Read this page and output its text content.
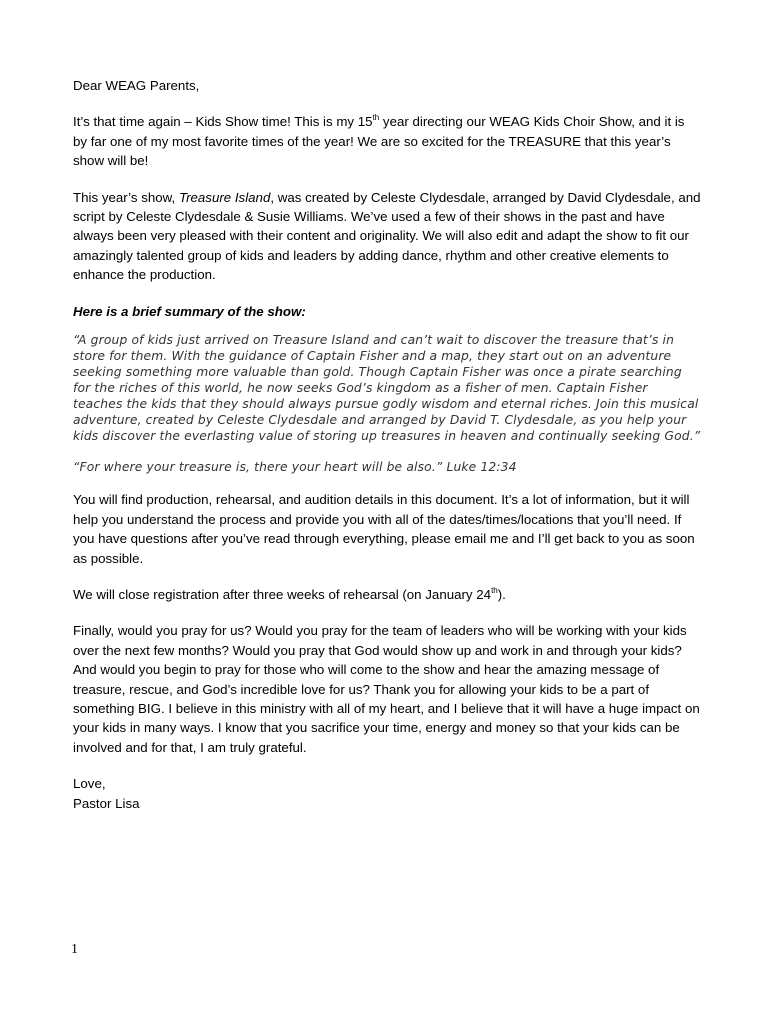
Dear WEAG Parents,

It’s that time again – Kids Show time! This is my 15th year directing our WEAG Kids Choir Show, and it is by far one of my most favorite times of the year! We are so excited for the TREASURE that this year’s show will be!

This year’s show, Treasure Island, was created by Celeste Clydesdale, arranged by David Clydesdale, and script by Celeste Clydesdale & Susie Williams. We’ve used a few of their shows in the past and have always been very pleased with their content and originality. We will also edit and adapt the show to fit our amazingly talented group of kids and leaders by adding dance, rhythm and other creative elements to enhance the production.

Here is a brief summary of the show:

“A group of kids just arrived on Treasure Island and can’t wait to discover the treasure that’s in store for them. With the guidance of Captain Fisher and a map, they start out on an adventure seeking something more valuable than gold. Though Captain Fisher was once a pirate searching for the riches of this world, he now seeks God’s kingdom as a fisher of men. Captain Fisher teaches the kids that they should always pursue godly wisdom and eternal riches. Join this musical adventure, created by Celeste Clydesdale and arranged by David T. Clydesdale, as you help your kids discover the everlasting value of storing up treasures in heaven and continually seeking God.”

“For where your treasure is, there your heart will be also.” Luke 12:34

You will find production, rehearsal, and audition details in this document. It’s a lot of information, but it will help you understand the process and provide you with all of the dates/times/locations that you’ll need. If you have questions after you’ve read through everything, please email me and I’ll get back to you as soon as possible.

We will close registration after three weeks of rehearsal (on January 24th).

Finally, would you pray for us? Would you pray for the team of leaders who will be working with your kids over the next few months? Would you pray that God would show up and work in and through your kids? And would you begin to pray for those who will come to the show and hear the amazing message of treasure, rescue, and God’s incredible love for us? Thank you for allowing your kids to be a part of something BIG. I believe in this ministry with all of my heart, and I believe that it will have a huge impact on your kids in many ways. I know that you sacrifice your time, energy and money so that your kids can be involved and for that, I am truly grateful.

Love,

Pastor Lisa

1
